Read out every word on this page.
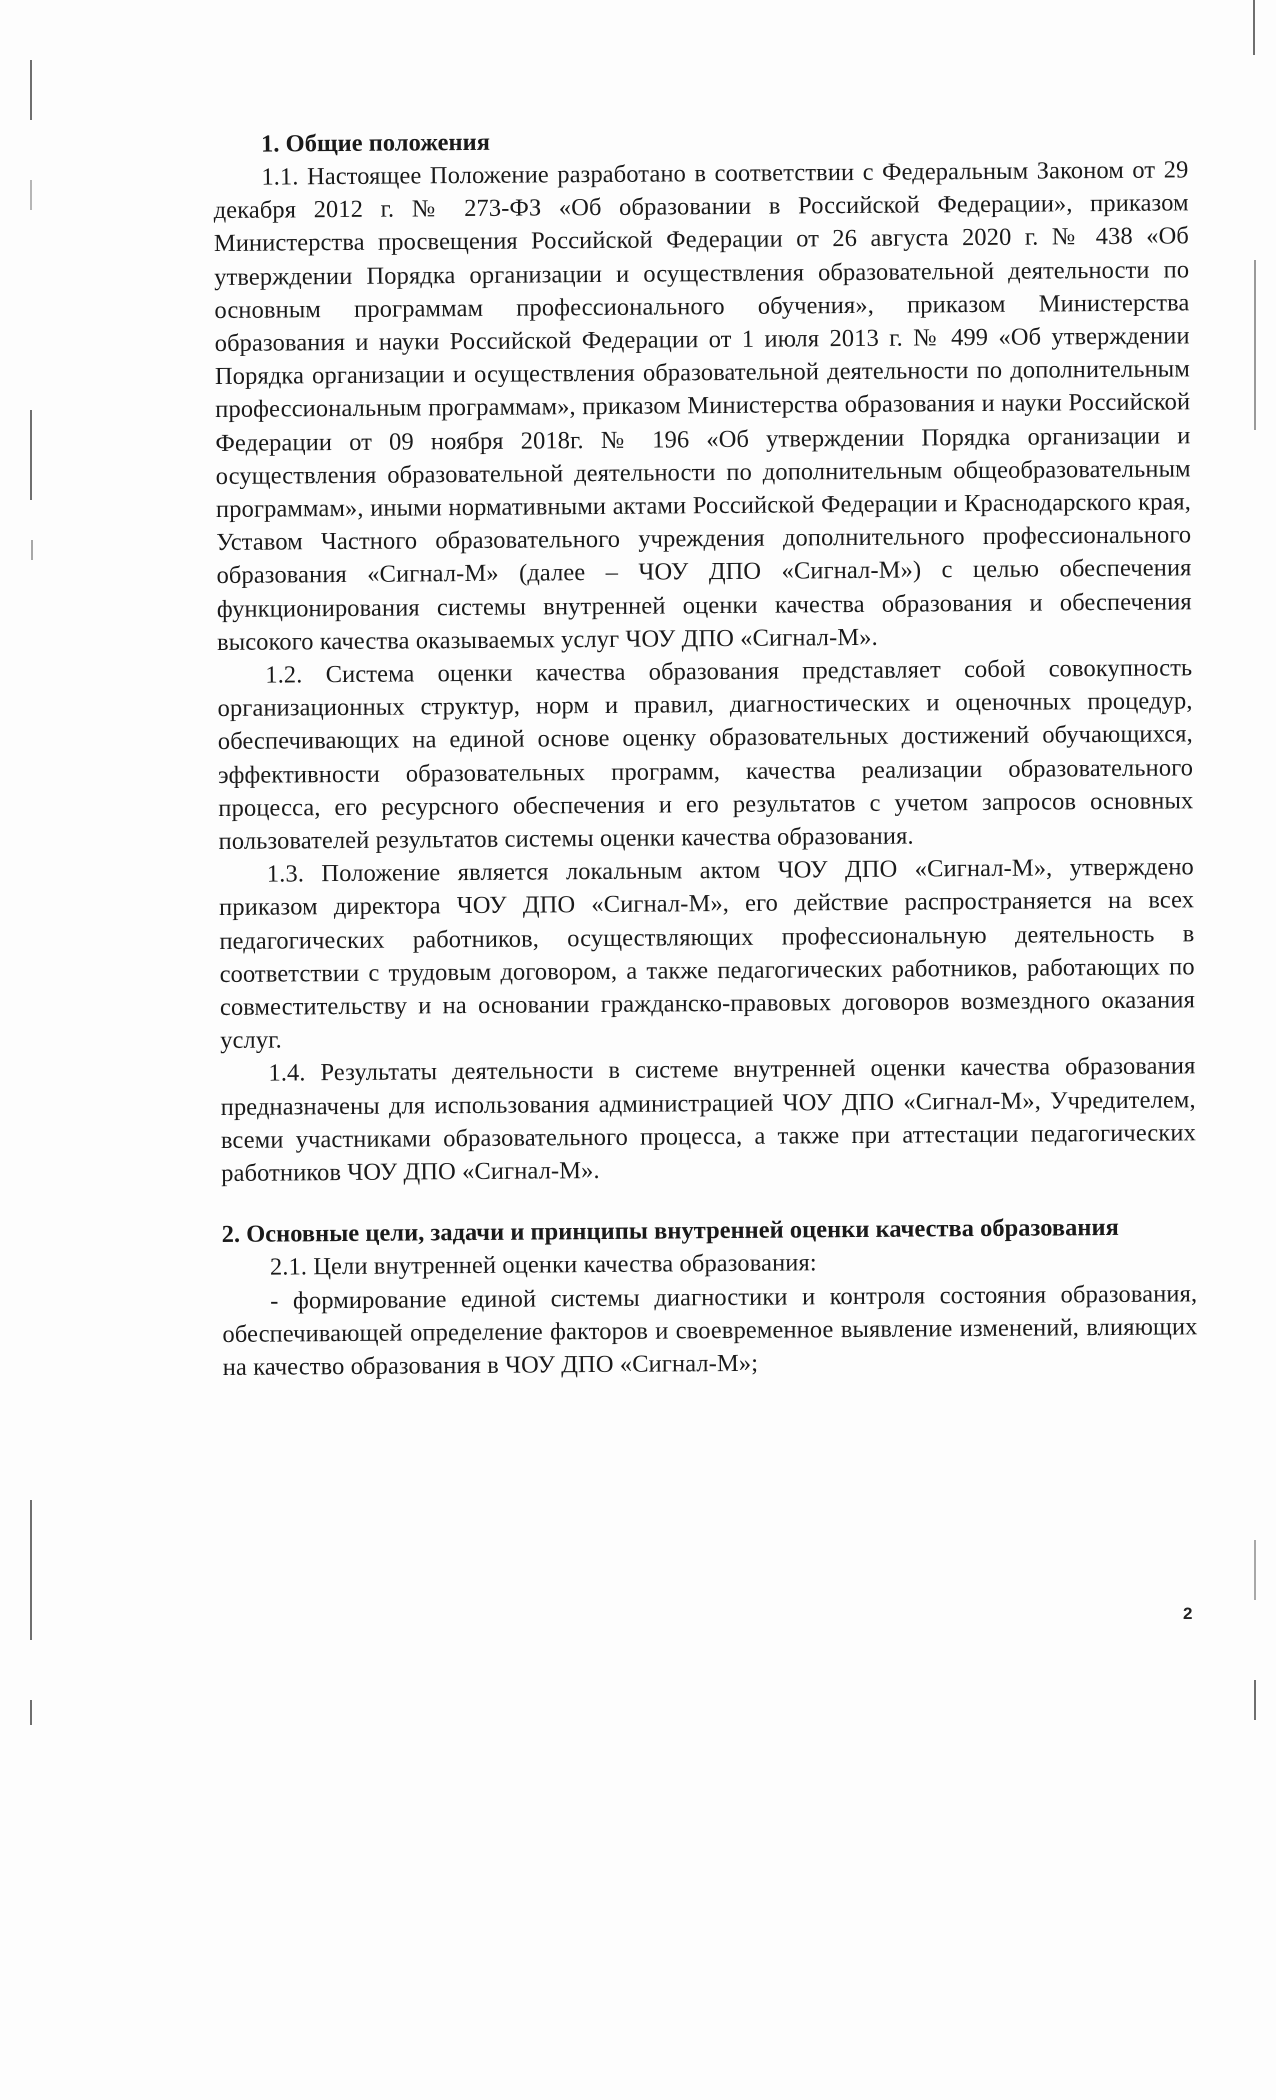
1. Общие положения

1.1. Настоящее Положение разработано в соответствии с Федеральным Законом от 29 декабря 2012 г. № 273-ФЗ «Об образовании в Российской Федерации», приказом Министерства просвещения Российской Федерации от 26 августа 2020 г. № 438 «Об утверждении Порядка организации и осуществления образовательной деятельности по основным программам профессионального обучения», приказом Министерства образования и науки Российской Федерации от 1 июля 2013 г. № 499 «Об утверждении Порядка организации и осуществления образовательной деятельности по дополнительным профессиональным программам», приказом Министерства образования и науки Российской Федерации от 09 ноября 2018г. № 196 «Об утверждении Порядка организации и осуществления образовательной деятельности по дополнительным общеобразовательным программам», иными нормативными актами Российской Федерации и Краснодарского края, Уставом Частного образовательного учреждения дополнительного профессионального образования «Сигнал-М» (далее – ЧОУ ДПО «Сигнал-М») с целью обеспечения функционирования системы внутренней оценки качества образования и обеспечения высокого качества оказываемых услуг ЧОУ ДПО «Сигнал-М».

1.2. Система оценки качества образования представляет собой совокупность организационных структур, норм и правил, диагностических и оценочных процедур, обеспечивающих на единой основе оценку образовательных достижений обучающихся, эффективности образовательных программ, качества реализации образовательного процесса, его ресурсного обеспечения и его результатов с учетом запросов основных пользователей результатов системы оценки качества образования.

1.3. Положение является локальным актом ЧОУ ДПО «Сигнал-М», утверждено приказом директора ЧОУ ДПО «Сигнал-М», его действие распространяется на всех педагогических работников, осуществляющих профессиональную деятельность в соответствии с трудовым договором, а также педагогических работников, работающих по совместительству и на основании гражданско-правовых договоров возмездного оказания услуг.

1.4. Результаты деятельности в системе внутренней оценки качества образования предназначены для использования администрацией ЧОУ ДПО «Сигнал-М», Учредителем, всеми участниками образовательного процесса, а также при аттестации педагогических работников ЧОУ ДПО «Сигнал-М».

2. Основные цели, задачи и принципы внутренней оценки качества образования

2.1. Цели внутренней оценки качества образования:

- формирование единой системы диагностики и контроля состояния образования, обеспечивающей определение факторов и своевременное выявление изменений, влияющих на качество образования в ЧОУ ДПО «Сигнал-М»;

2
